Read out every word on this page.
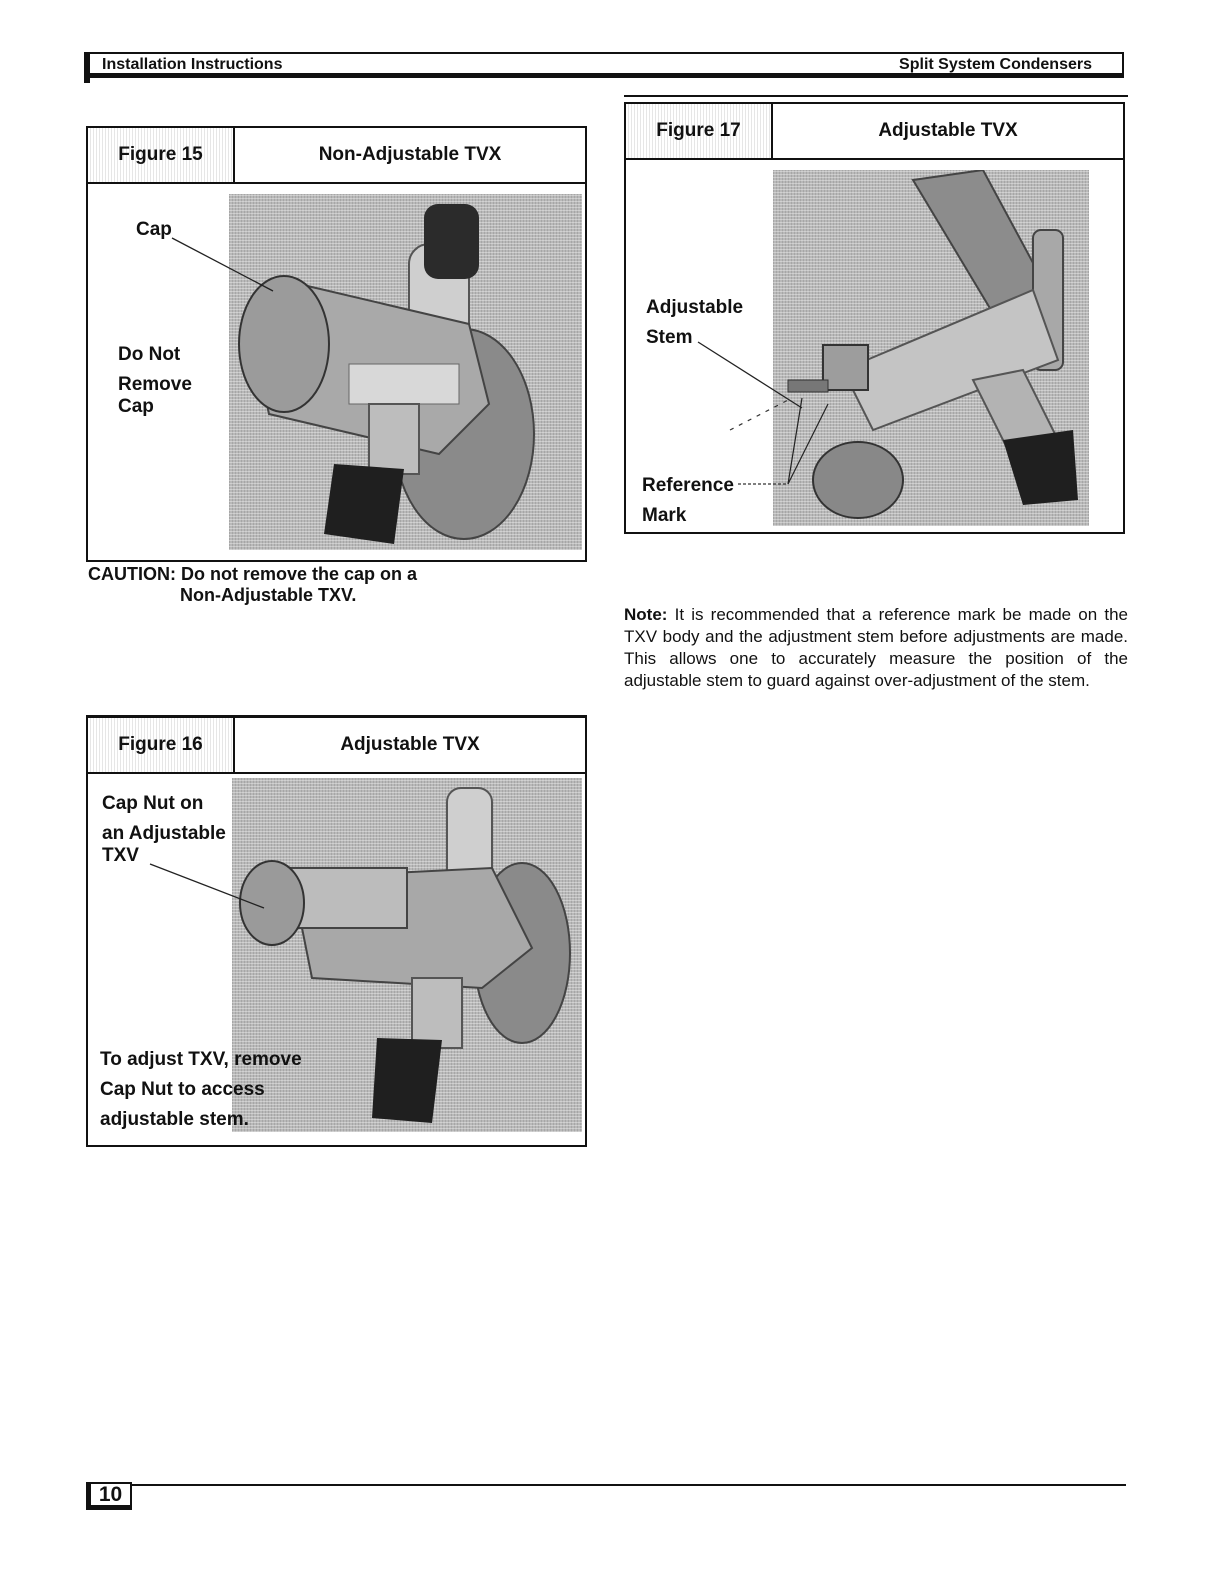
Installation Instructions	Split System Condensers
Figure 15	Non-Adjustable TVX
Cap
Do Not
Remove
Cap
CAUTION: Do not remove the cap on a
Non-Adjustable TXV.
Figure 16	Adjustable TVX
Cap Nut on
an Adjustable
TXV
To adjust TXV, remove
Cap Nut to access
adjustable stem.
Figure 17	Adjustable TVX
Adjustable
Stem
Reference
Mark
Note: It is recommended that a reference mark be made on the TXV body and the adjustment stem before adjustments are made. This allows one to accurately measure the position of the adjustable stem to guard against over-adjustment of the stem.
10
